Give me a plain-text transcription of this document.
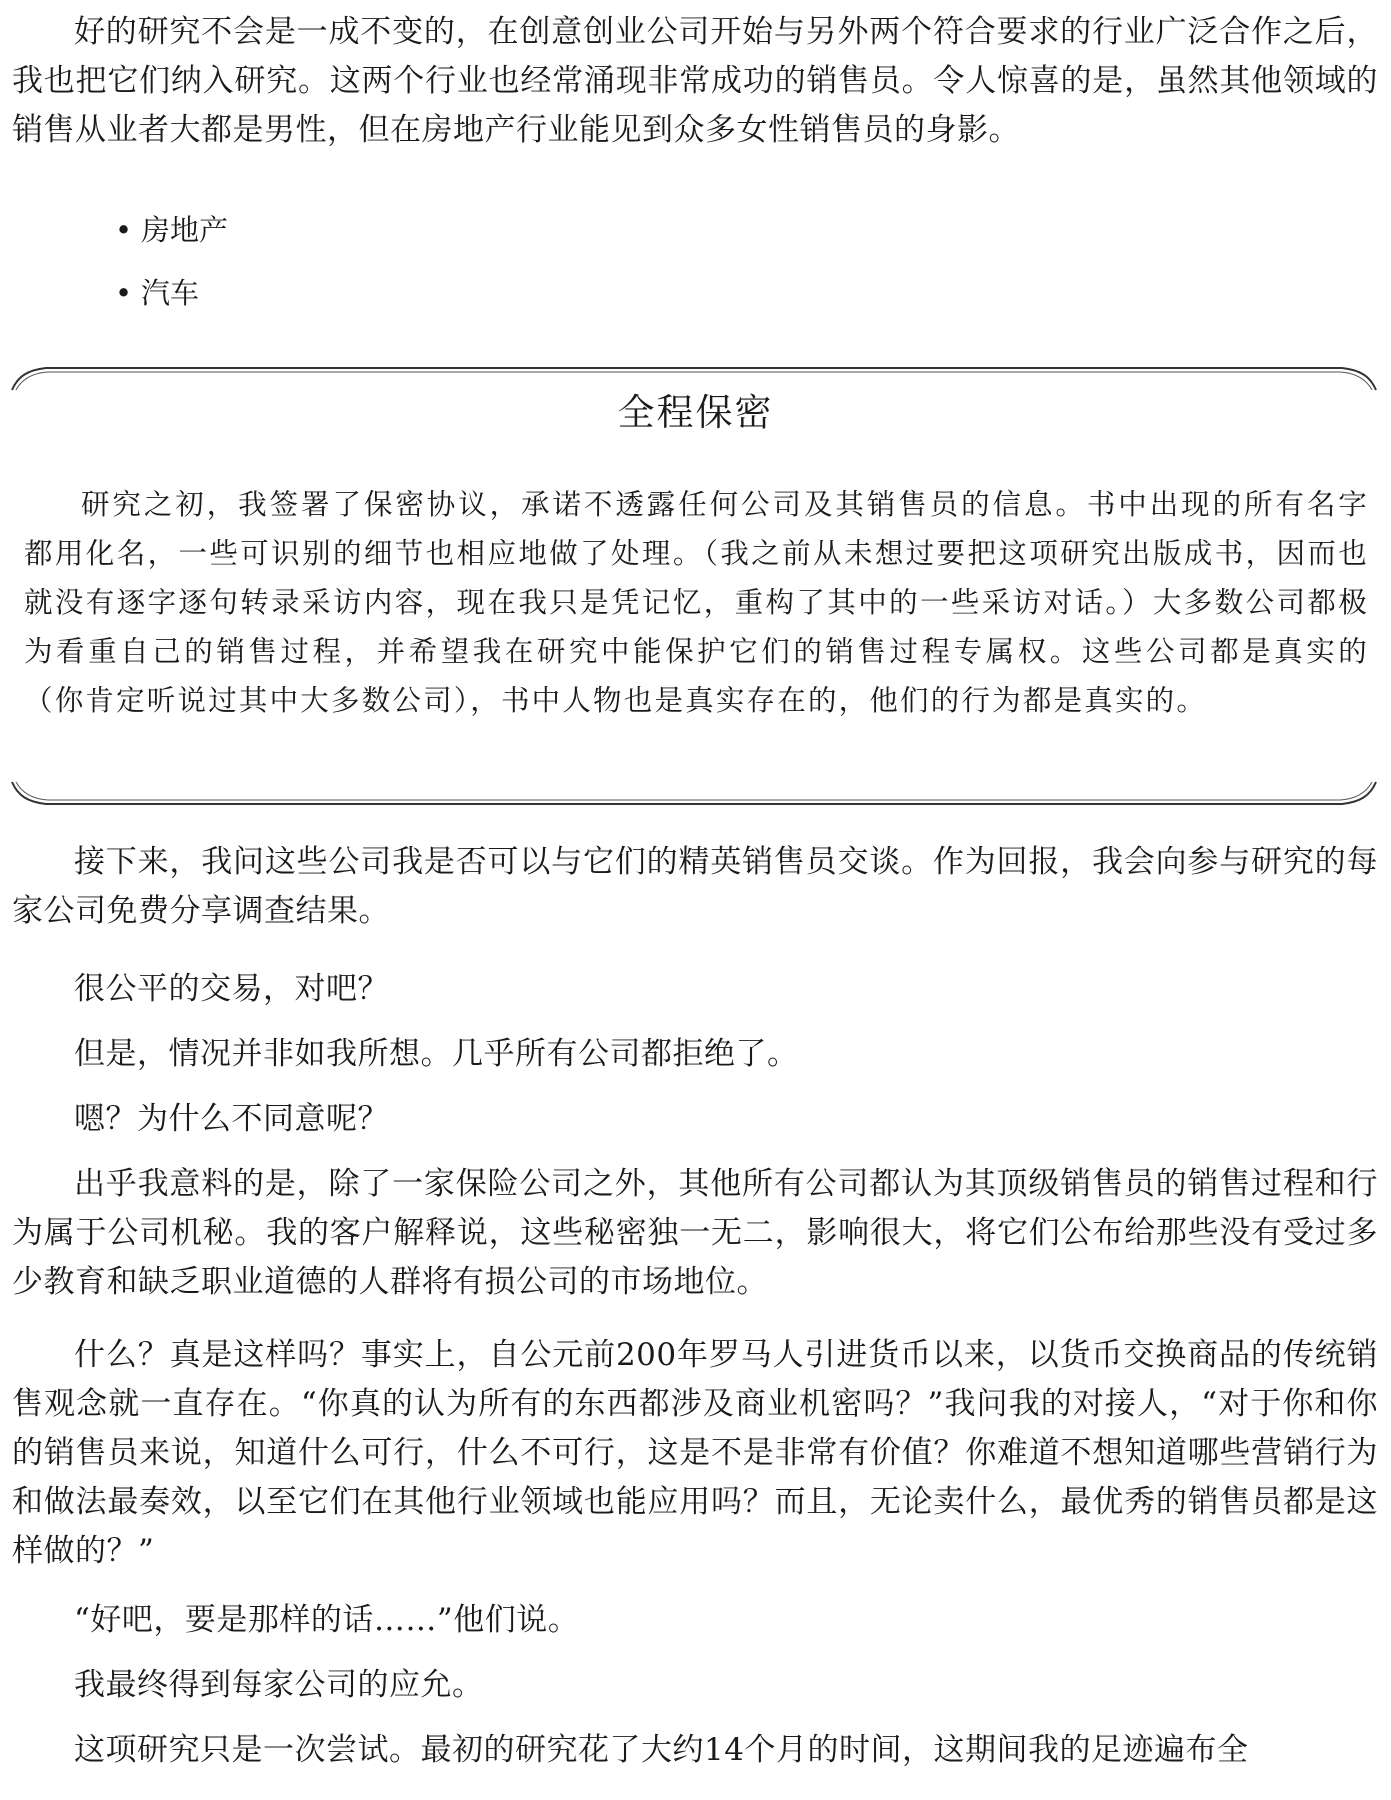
好的研究不会是一成不变的，在创意创业公司开始与另外两个符合要求的行业广泛合作之后，我也把它们纳入研究。这两个行业也经常涌现非常成功的销售员。令人惊喜的是，虽然其他领域的销售从业者大都是男性，但在房地产行业能见到众多女性销售员的身影。

• 房地产
• 汽车
全程保密

研究之初，我签署了保密协议，承诺不透露任何公司及其销售员的信息。书中出现的所有名字都用化名，一些可识别的细节也相应地做了处理。（我之前从未想过要把这项研究出版成书，因而也就没有逐字逐句转录采访内容，现在我只是凭记忆，重构了其中的一些采访对话。）大多数公司都极为看重自己的销售过程，并希望我在研究中能保护它们的销售过程专属权。这些公司都是真实的（你肯定听说过其中大多数公司），书中人物也是真实存在的，他们的行为都是真实的。

接下来，我问这些公司我是否可以与它们的精英销售员交谈。作为回报，我会向参与研究的每家公司免费分享调查结果。

很公平的交易，对吧？

但是，情况并非如我所想。几乎所有公司都拒绝了。

嗯？为什么不同意呢？

出乎我意料的是，除了一家保险公司之外，其他所有公司都认为其顶级销售员的销售过程和行为属于公司机秘。我的客户解释说，这些秘密独一无二，影响很大，将它们公布给那些没有受过多少教育和缺乏职业道德的人群将有损公司的市场地位。

什么？真是这样吗？事实上，自公元前200年罗马人引进货币以来，以货币交换商品的传统销售观念就一直存在。“你真的认为所有的东西都涉及商业机密吗？”我问我的对接人，“对于你和你的销售员来说，知道什么可行，什么不可行，这是不是非常有价值？你难道不想知道哪些营销行为和做法最奏效，以至它们在其他行业领域也能应用吗？而且，无论卖什么，最优秀的销售员都是这样做的？”

“好吧，要是那样的话……”他们说。

我最终得到每家公司的应允。

这项研究只是一次尝试。最初的研究花了大约14个月的时间，这期间我的足迹遍布全
